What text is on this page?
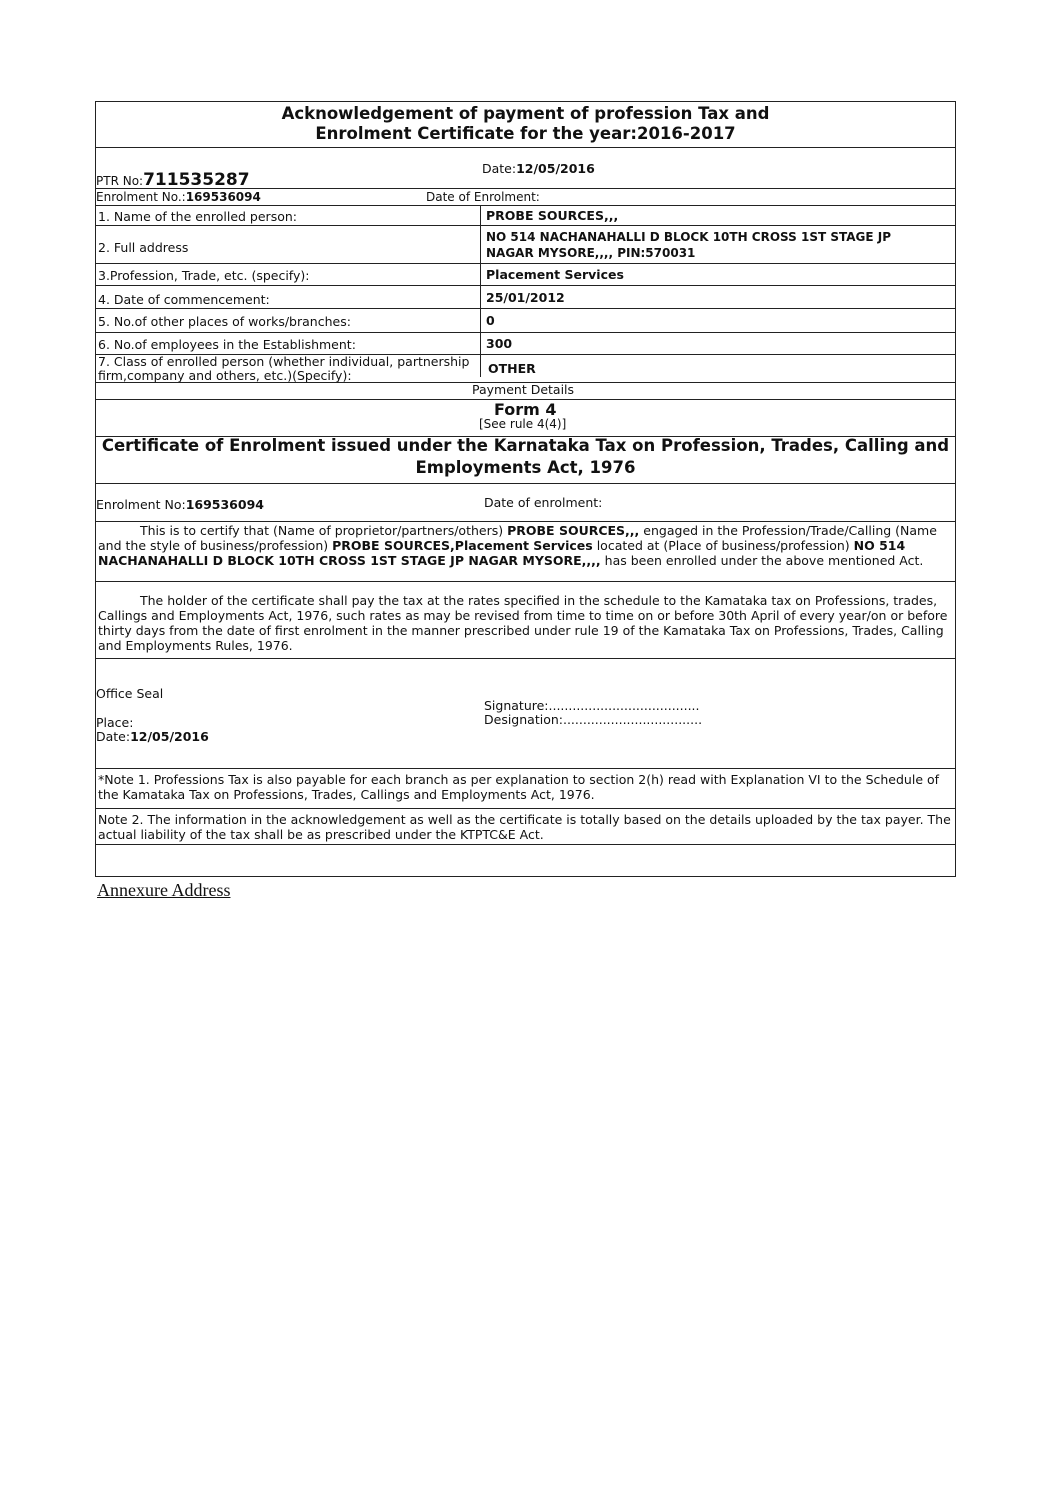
Acknowledgement of payment of profession Tax and
Enrolment Certificate for the year:2016-2017
PTR No:711535287
Date:12/05/2016
Enrolment No.:169536094	Date of Enrolment:
1. Name of the enrolled person:	PROBE SOURCES,,,
2. Full address
NO 514 NACHANAHALLI D BLOCK 10TH CROSS 1ST STAGE JP
NAGAR MYSORE,,,, PIN:570031
3.Profession, Trade, etc. (specify):	Placement Services
4. Date of commencement:	25/01/2012
5. No.of other places of works/branches:	0
6. No.of employees in the Establishment:	300
7. Class of enrolled person (whether individual, partnership
firm,company and others, etc.)(Specify):	OTHER
Payment Details
Form 4
[See rule 4(4)]
Certificate of Enrolment issued under the Karnataka Tax on Profession, Trades, Calling and
Employments Act, 1976
Enrolment No:169536094	Date of enrolment:
This is to certify that (Name of proprietor/partners/others) PROBE SOURCES,,, engaged in the Profession/Trade/Calling (Name and the style of business/profession) PROBE SOURCES,Placement Services located at (Place of business/profession) NO 514 NACHANAHALLI D BLOCK 10TH CROSS 1ST STAGE JP NAGAR MYSORE,,,, has been enrolled under the above mentioned Act.
The holder of the certificate shall pay the tax at the rates specified in the schedule to the Kamataka tax on Professions, trades, Callings and Employments Act, 1976, such rates as may be revised from time to time on or before 30th April of every year/on or before thirty days from the date of first enrolment in the manner prescribed under rule 19 of the Kamataka Tax on Professions, Trades, Calling and Employments Rules, 1976.
Office Seal
Place:
Date:12/05/2016
Signature:......................................
Designation:...................................
*Note 1. Professions Tax is also payable for each branch as per explanation to section 2(h) read with Explanation VI to the Schedule of the Kamataka Tax on Professions, Trades, Callings and Employments Act, 1976.
Note 2. The information in the acknowledgement as well as the certificate is totally based on the details uploaded by the tax payer. The actual liability of the tax shall be as prescribed under the KTPTC&E Act.
Annexure Address
